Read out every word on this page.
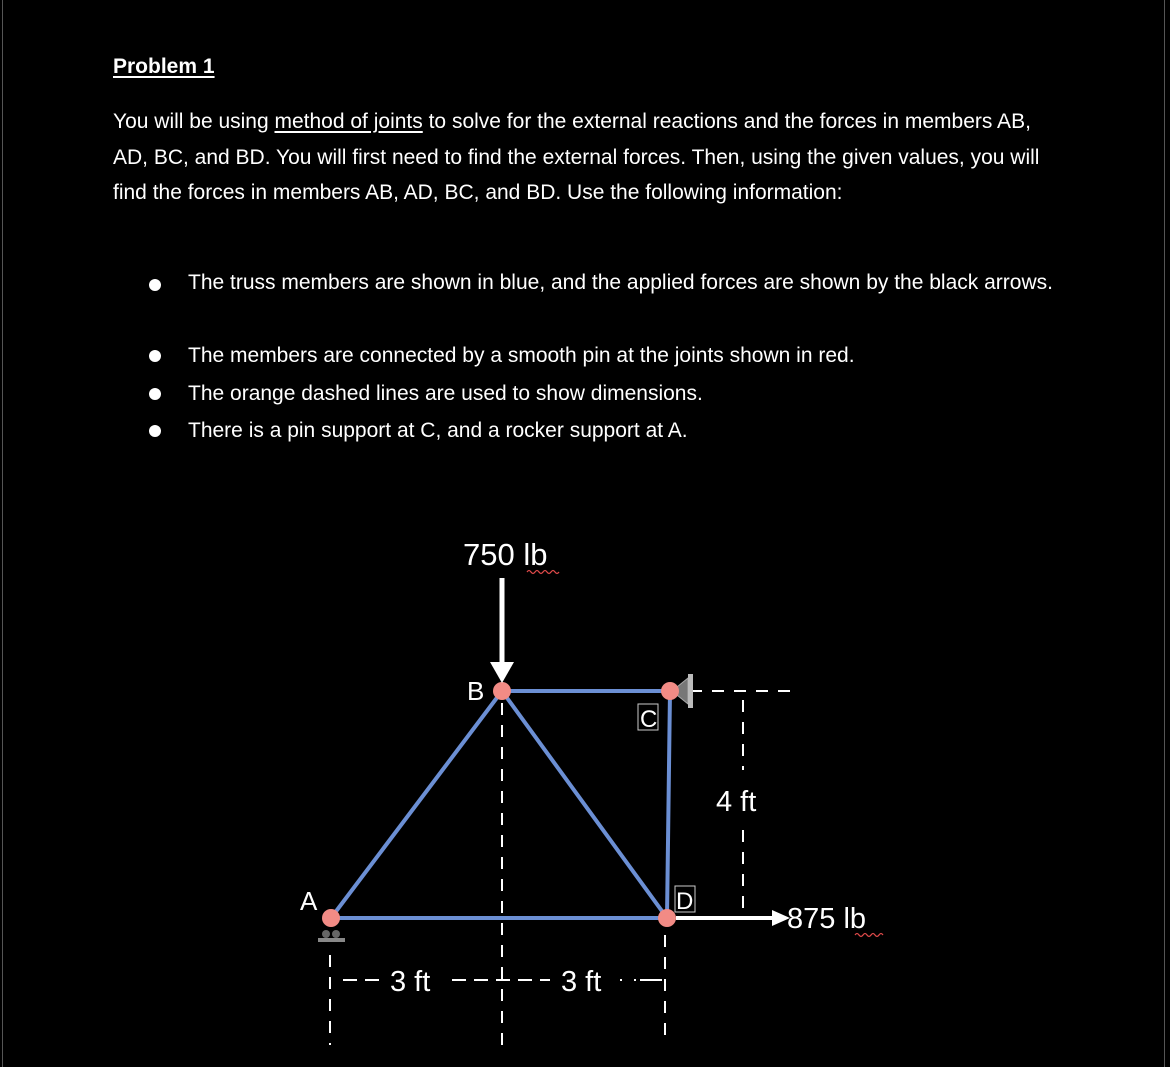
Problem 1
You will be using method of joints to solve for the external reactions and the forces in members AB, AD, BC, and BD. You will first need to find the external forces. Then, using the given values, you will find the forces in members AB, AD, BC, and BD. Use the following information:
The truss members are shown in blue, and the applied forces are shown by the black arrows.
The members are connected by a smooth pin at the joints shown in red.
The orange dashed lines are used to show dimensions.
There is a pin support at C, and a rocker support at A.
750 lb
875 lb
A
B
C
D
4 ft
3 ft	3 ft
